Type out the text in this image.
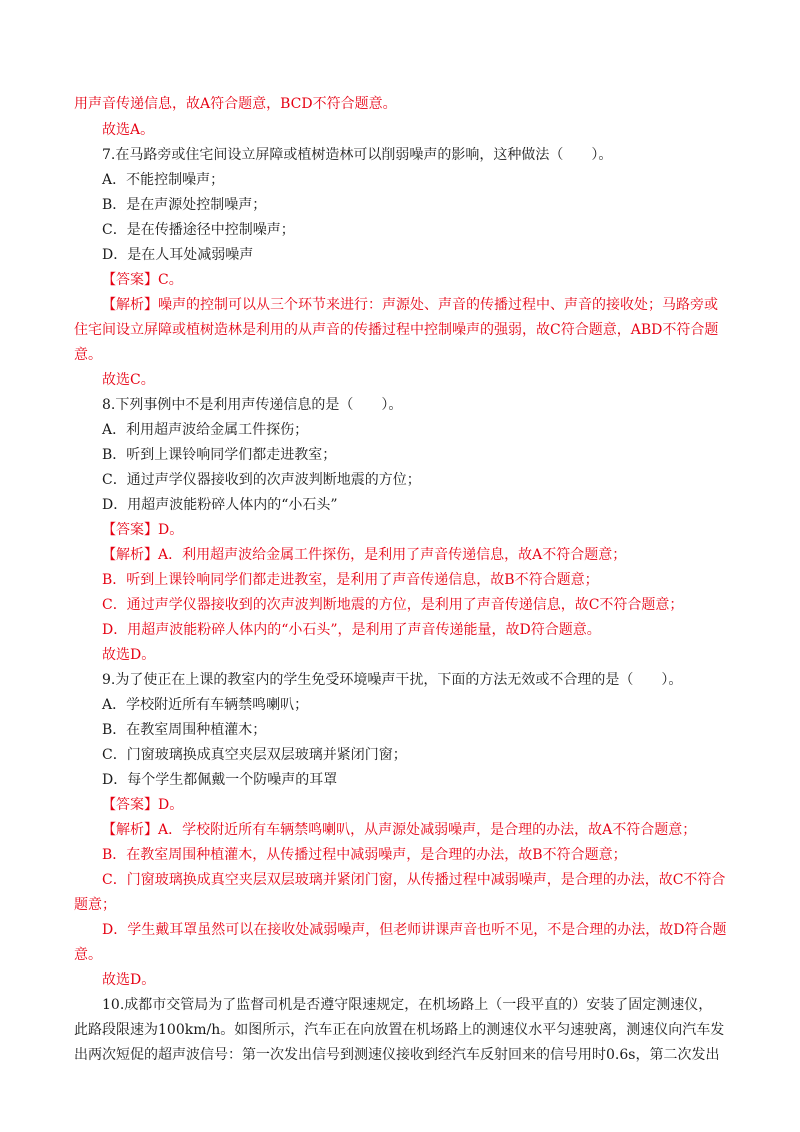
用声音传递信息，故A符合题意，BCD不符合题意。
故选A。
7.在马路旁或住宅间设立屏障或植树造林可以削弱噪声的影响，这种做法（　　）。
A．不能控制噪声；
B．是在声源处控制噪声；
C．是在传播途径中控制噪声；
D．是在人耳处减弱噪声
【答案】C。
【解析】噪声的控制可以从三个环节来进行：声源处、声音的传播过程中、声音的接收处；马路旁或
住宅间设立屏障或植树造林是利用的从声音的传播过程中控制噪声的强弱，故C符合题意，ABD不符合题
意。
故选C。
8.下列事例中不是利用声传递信息的是（　　）。
A．利用超声波给金属工件探伤；
B．听到上课铃响同学们都走进教室；
C．通过声学仪器接收到的次声波判断地震的方位；
D．用超声波能粉碎人体内的“小石头”
【答案】D。
【解析】A．利用超声波给金属工件探伤，是利用了声音传递信息，故A不符合题意；
B．听到上课铃响同学们都走进教室，是利用了声音传递信息，故B不符合题意；
C．通过声学仪器接收到的次声波判断地震的方位，是利用了声音传递信息，故C不符合题意；
D．用超声波能粉碎人体内的“小石头”，是利用了声音传递能量，故D符合题意。
故选D。
9.为了使正在上课的教室内的学生免受环境噪声干扰，下面的方法无效或不合理的是（　　）。
A．学校附近所有车辆禁鸣喇叭；
B．在教室周围种植灌木；
C．门窗玻璃换成真空夹层双层玻璃并紧闭门窗；
D．每个学生都佩戴一个防噪声的耳罩
【答案】D。
【解析】A．学校附近所有车辆禁鸣喇叭，从声源处减弱噪声，是合理的办法，故A不符合题意；
B．在教室周围种植灌木，从传播过程中减弱噪声，是合理的办法，故B不符合题意；
C．门窗玻璃换成真空夹层双层玻璃并紧闭门窗，从传播过程中减弱噪声，是合理的办法，故C不符合
题意；
D．学生戴耳罩虽然可以在接收处减弱噪声，但老师讲课声音也听不见，不是合理的办法，故D符合题
意。
故选D。
10.成都市交管局为了监督司机是否遵守限速规定，在机场路上（一段平直的）安装了固定测速仪，
此路段限速为100km/h。如图所示，汽车正在向放置在机场路上的测速仪水平匀速驶离，测速仪向汽车发
出两次短促的超声波信号：第一次发出信号到测速仪接收到经汽车反射回来的信号用时0.6s，第二次发出
